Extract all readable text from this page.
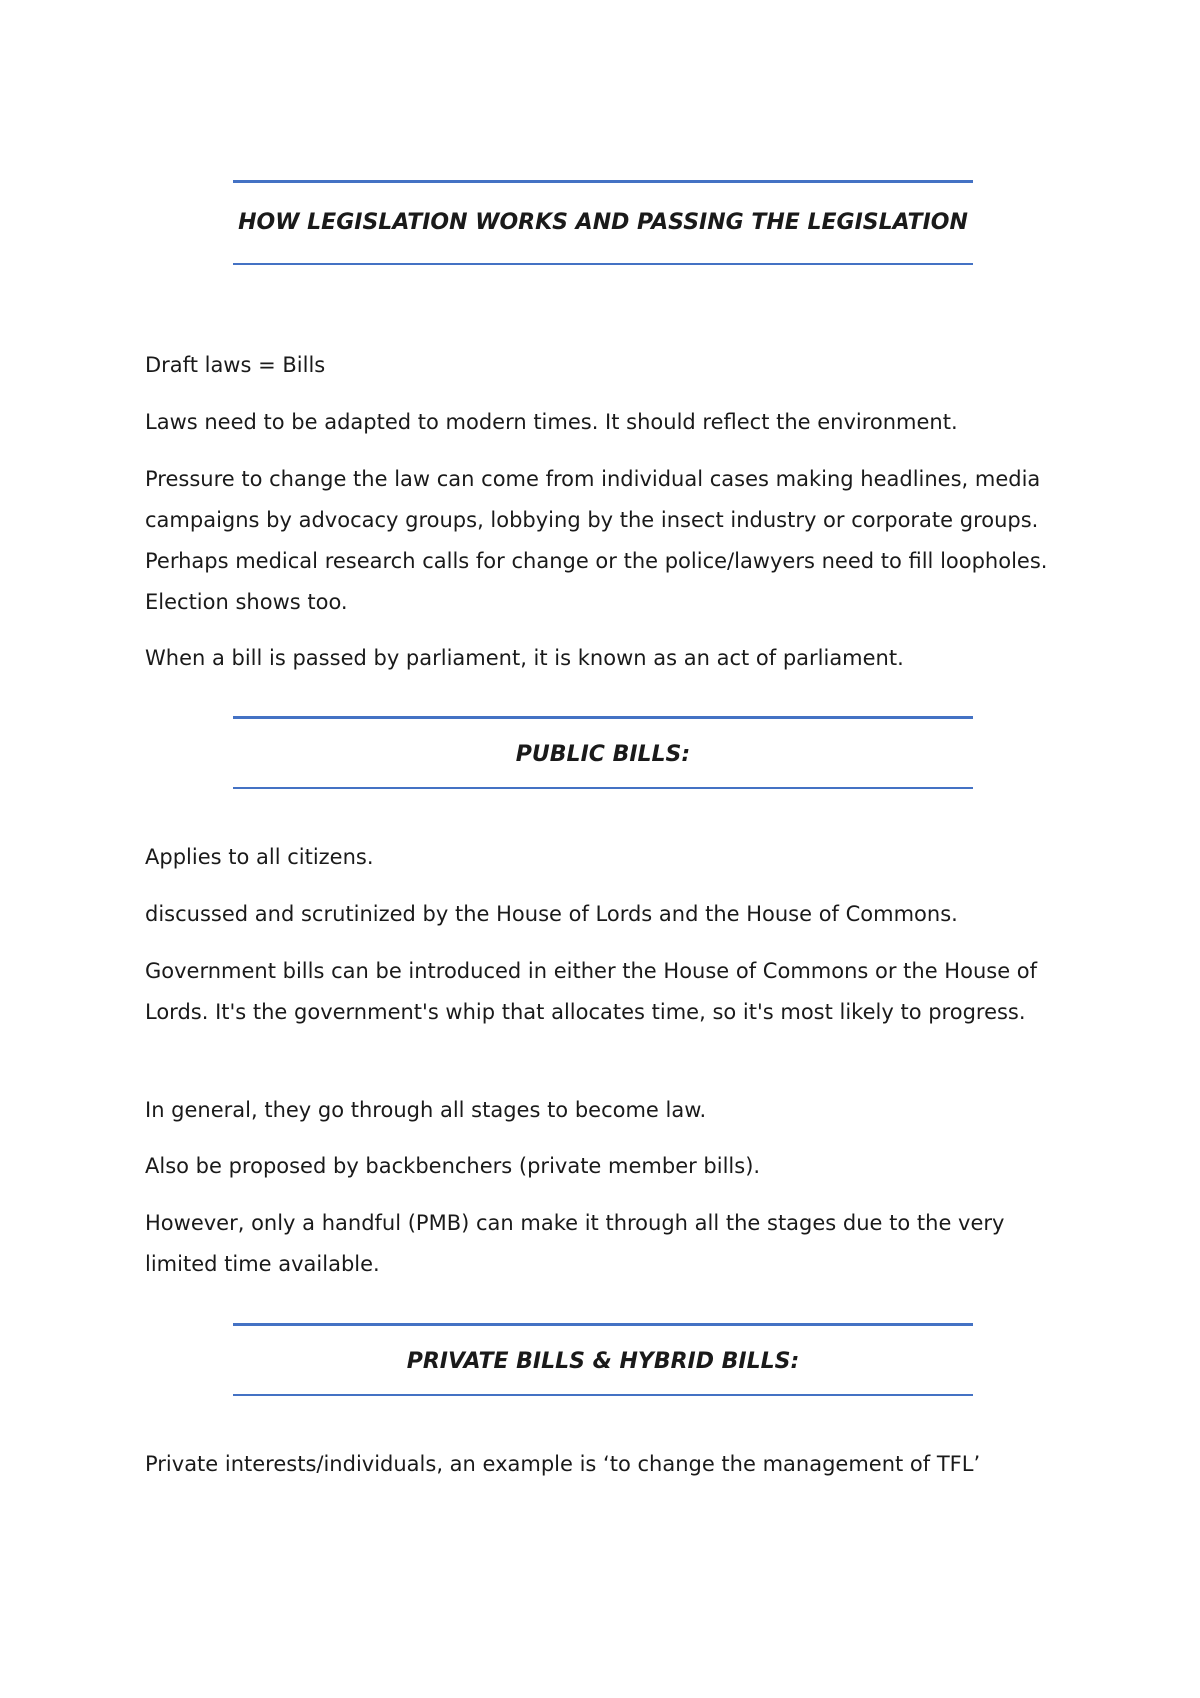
HOW LEGISLATION WORKS AND PASSING THE LEGISLATION

Draft laws = Bills

Laws need to be adapted to modern times. It should reflect the environment.

Pressure to change the law can come from individual cases making headlines, media campaigns by advocacy groups, lobbying by the insect industry or corporate groups. Perhaps medical research calls for change or the police/lawyers need to fill loopholes. Election shows too.

When a bill is passed by parliament, it is known as an act of parliament.

PUBLIC BILLS:

Applies to all citizens.

discussed and scrutinized by the House of Lords and the House of Commons.

Government bills can be introduced in either the House of Commons or the House of Lords. It's the government's whip that allocates time, so it's most likely to progress.

In general, they go through all stages to become law.

Also be proposed by backbenchers (private member bills).

However, only a handful (PMB) can make it through all the stages due to the very limited time available.

PRIVATE BILLS & HYBRID BILLS:

Private interests/individuals, an example is ‘to change the management of TFL’
